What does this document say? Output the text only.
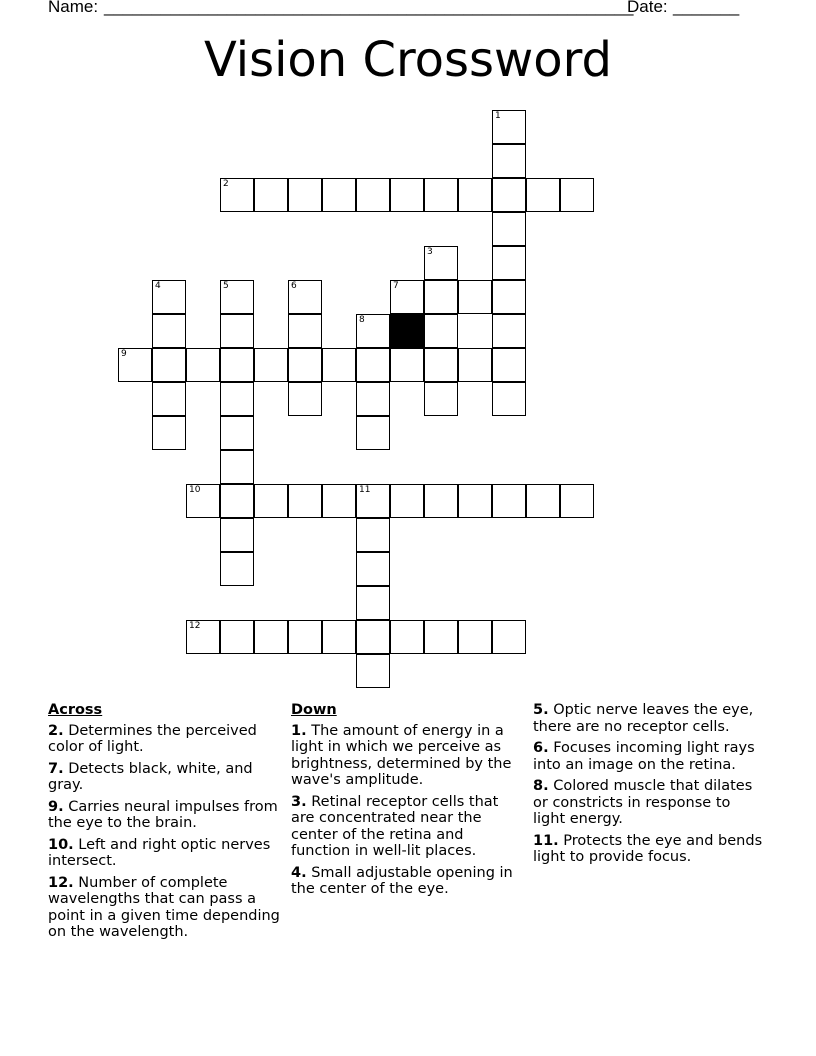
Name: ________________________________________________________
Date: _______
Vision Crossword
1
2
3
4	5	6	7
8
9
10	11
12
Across
2. Determines the perceived color of light.
7. Detects black, white, and gray.
9. Carries neural impulses from the eye to the brain.
10. Left and right optic nerves intersect.
12. Number of complete wavelengths that can pass a point in a given time depending on the wavelength.
Down
1. The amount of energy in a light in which we perceive as brightness, determined by the wave's amplitude.
3. Retinal receptor cells that are concentrated near the center of the retina and function in well-lit places.
4. Small adjustable opening in the center of the eye.
5. Optic nerve leaves the eye, there are no receptor cells.
6. Focuses incoming light rays into an image on the retina.
8. Colored muscle that dilates or constricts in response to light energy.
11. Protects the eye and bends light to provide focus.
